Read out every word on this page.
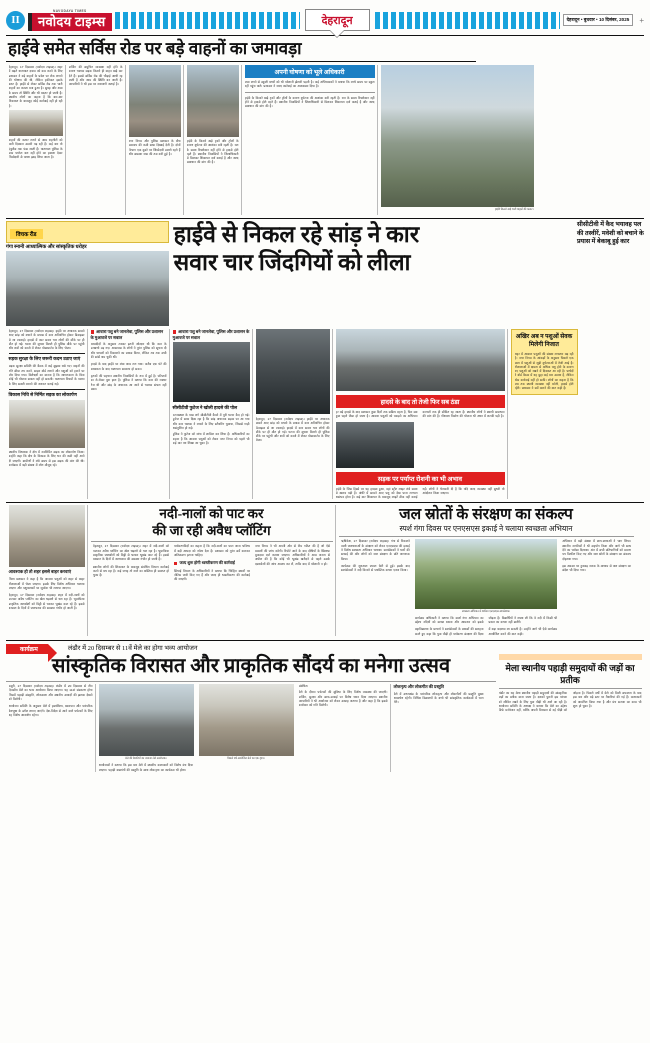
II
NAVODAYA TIMES
नवोदय टाइम्स	देहरादून	देहरादून • बुधवार • 10 दिसंबर, 2025	+
हाईवे समेत सर्विस रोड पर बड़े वाहनों का जमावड़ा
देहरादून, 17 दिसम्बर (नवोदय टाइम्स)। शहर में बढ़ते यातायात दबाव को कम करने के लिए प्रशासन ने बड़े वाहनों के प्रवेश पर रोक लगाने की घोषणा की थी, लेकिन हकीकत इसके उलट है। हाईवे से लेकर सर्विस रोड तक भारी वाहनों का कब्जा बना हुआ है। सुबह और शाम के समय तो स्थिति और भी बदतर हो जाती है। स्थानीय लोगों का कहना है कि बार-बार शिकायत के बावजूद कोई कार्रवाई नहीं हो रही है।
वाहनों की कतार लगने से आम राहगीरों को भारी दिक्कत उठानी पड़ रही है। कई बार तो एंबुलेंस तक फंस जाती है। यातायात पुलिस के पास पर्याप्त बल नहीं होने का हवाला देकर जिम्मेदारी से पल्ला झाड़ लिया जाता है।
पार्किंग की समुचित व्यवस्था नहीं होने के कारण चालक सड़क किनारे ही वाहन खड़े कर देते हैं। इससे सर्विस रोड की चौड़ाई आधी रह जाती है और जाम की स्थिति बन जाती है। व्यापारियों ने भी इस पर नाराजगी जताई है।
नगर निगम और पुलिस प्रशासन के बीच समन्वय की कमी साफ दिखाई देती है। दोनों विभाग एक दूसरे पर जिम्मेदारी डालते रहते हैं और समस्या जस की तस बनी हुई है।
हाईवे के किनारे खड़े ट्रकों और ट्रॉलों के कारण दुर्घटना की आशंका बनी रहती है। रात के समय रिफ्लेक्टर नहीं होने से हादसे होते रहते हैं। स्थानीय निवासियों ने जिलाधिकारी से मिलकर शिकायत दर्ज कराई है और जल्द समाधान की मांग की है।
अपनी घोषणा को भूले अधिकारी
जाम लगने से स्कूली बच्चों को भी परेशानी झेलनी पड़ती है। कई अभिभावकों ने बताया कि बच्चे समय पर स्कूल नहीं पहुंच पाते। प्रशासन ने जल्द कार्रवाई का आश्वासन दिया है।
हाईवे के किनारे खड़े ट्रकों और ट्रॉलों के कारण दुर्घटना की आशंका बनी रहती है। रात के समय रिफ्लेक्टर नहीं होने से हादसे होते रहते हैं। स्थानीय निवासियों ने जिलाधिकारी से मिलकर शिकायत दर्ज कराई है और जल्द समाधान की मांग की है।
हाईवे किनारे खड़े भारी वाहनों की कतार।
विचक रीड
गंगा स्नानी आध्यात्मिक और सांस्कृतिक धरोहर
हाईवे से निकल रहे सांड़ ने कार
सवार चार जिंदगियों को लीला
सीसीटीवी में कैद भयावह पल की तस्वीरें, मवेशी को बचाने के प्रयास में बेकाबू हुई कार
देहरादून, 17 दिसम्बर (नवोदय टाइम्स)। हाईवे पर अचानक सामने आए सांड़ को बचाने के प्रयास में कार अनियंत्रित होकर डिवाइडर से जा टकराई। हादसे में कार सवार चार लोगों की मौके पर ही मौत हो गई। घटना की सूचना मिलते ही पुलिस मौके पर पहुंची और शवों को कब्जे में लेकर पोस्टमार्टम के लिए भेजा।
सड़क सुरक्षा के लिए जरूरी कदम उठाए जाएं
सड़क सुरक्षा समिति की बैठक में कई सुझाव रखे गए। वाहनों की गति सीमा तय करने, साइन बोर्ड लगाने और पशुओं को हटाने पर जोर दिया गया। विशेषज्ञों का मानना है कि जागरूकता के बिना कोई भी योजना सफल नहीं हो सकती। यातायात नियमों के पालन के लिए सख्ती बरतने की जरूरत बताई गई।
विकास निधि से निर्मित सड़क का लोकार्पण
स्थानीय विधायक ने क्षेत्र में नवनिर्मित सड़क का लोकार्पण किया। उन्होंने कहा कि क्षेत्र के विकास के लिए धन की कमी नहीं आने दी जाएगी। ग्रामीणों ने लंबे समय से इस सड़क की मांग की थी। कार्यक्रम में बड़ी संख्या में लोग मौजूद रहे।
आवारा पशु बने जानलेवा, पुलिस और प्रशासन के मुआवजे पर सवाल
चश्मदीदों के अनुसार टक्कर इतनी जोरदार थी कि कार के परखच्चे उड़ गए। आसपास के लोगों ने तुरंत पुलिस को सूचना दी और घायलों को निकालने का प्रयास किया, लेकिन तब तक सभी की सांसें थम चुकी थीं।
हादसे के बाद हाईवे पर लंबा जाम लग गया। करीब एक घंटे की मशक्कत के बाद यातायात सामान्य हो सका।
मृतकों की पहचान स्थानीय निवासियों के रूप में हुई है। परिजनों का रो-रोकर बुरा हाल है। पुलिस ने बताया कि कार की रफ्तार तेज थी और सांड़ के अचानक आ जाने से चालक संभल नहीं सका।
आवारा पशु बने जानलेवा, पुलिस और प्रशासन के मुआवजे पर सवाल
सीसीटीवी फुटेज ने खोली हादसे की पोल
घटनास्थल के पास लगे सीसीटीवी कैमरे में पूरी घटना कैद हो गई। फुटेज में साफ दिख रहा है कि सांड़ अचानक सड़क पर आ गया और कार चालक ने बचाने के लिए स्टीयरिंग घुमाया, जिससे गाड़ी असंतुलित हो गई।
पुलिस ने फुटेज को जांच में शामिल कर लिया है। अधिकारियों का कहना है कि आवारा पशुओं को लेकर नगर निगम को पहले भी कई बार पत्र लिखा जा चुका है।
देहरादून, 17 दिसम्बर (नवोदय टाइम्स)। हाईवे पर अचानक सामने आए सांड़ को बचाने के प्रयास में कार अनियंत्रित होकर डिवाइडर से जा टकराई। हादसे में कार सवार चार लोगों की मौके पर ही मौत हो गई। घटना की सूचना मिलते ही पुलिस मौके पर पहुंची और शवों को कब्जे में लेकर पोस्टमार्टम के लिए भेजा।
हादसे के बाद तो तेजी फिर सब ठंडा
हर बड़े हादसे के बाद प्रशासन कुछ दिनों तक सक्रिय रहता है, फिर सब कुछ पहले जैसा हो जाता है। आवारा पशुओं को पकड़ने का अभियान कागजों तक ही सीमित रह जाता है। स्थानीय लोगों ने स्थायी समाधान की मांग की है। गौशाला निर्माण की योजना भी अधर में लटकी पड़ी है।
सड़क पर पर्याप्त रोशनी का भी अभाव
हाईवे के जिस हिस्से पर यह हादसा हुआ, वहां स्ट्रीट लाइट लंबे समय से खराब पड़ी है। अंधेरे में सामने आए पशु को देख पाना लगभग असंभव होता है। कई बार शिकायत के बावजूद लाइटें ठीक नहीं कराई गईं। लोगों ने चेतावनी दी है कि यदि जल्द व्यवस्था नहीं सुधरी तो आंदोलन किया जाएगा।
अखिर अब न पशुओं सेवक मिलेगी निजात
शहर में आवारा पशुओं की संख्या लगातार बढ़ रही है। नगर निगम के आंकड़ों के अनुसार पिछले एक साल में पशुओं से जुड़ी दुर्घटनाओं में तेजी आई है। गौशालाओं में क्षमता से अधिक पशु होने के कारण नए पशुओं को रखने में दिक्कत आ रही है। पार्षदों ने बोर्ड बैठक में यह मुद्दा कई बार उठाया है, लेकिन ठोस कार्रवाई नहीं हो सकी। लोगों का कहना है कि जब तक स्थायी व्यवस्था नहीं बनेगी, हादसे होते रहेंगे। प्रशासन ने सर्वे कराने की बात कही है।
आवश्यक हो तो शहर इससे बाहर करवाएं
जिला प्रशासन ने कहा है कि आवारा पशुओं को शहर से बाहर गौशालाओं में भेजा जाएगा। इसके लिए विशेष अभियान चलाया जाएगा और पशुपालकों पर जुर्माना भी लगाया जाएगा।
देहरादून, 17 दिसम्बर (नवोदय टाइम्स)। शहर में नदी-नालों को पाटकर अवैध प्लॉटिंग का खेल धड़ल्ले से चल रहा है। भूमाफिया प्राकृतिक जलस्रोतों को मिट्टी से भरकर भूखंड काट रहे हैं। इससे बरसात के दिनों में जलभराव की समस्या गंभीर हो जाती है।
नदी-नालों को पाट कर
की जा रही अवैध प्लॉटिंग
देहरादून, 17 दिसम्बर (नवोदय टाइम्स)। शहर में नदी-नालों को पाटकर अवैध प्लॉटिंग का खेल धड़ल्ले से चल रहा है। भूमाफिया प्राकृतिक जलस्रोतों को मिट्टी से भरकर भूखंड काट रहे हैं। इससे बरसात के दिनों में जलभराव की समस्या गंभीर हो जाती है।
स्थानीय लोगों की शिकायत के बावजूद संबंधित विभाग कार्रवाई करने से बच रहा है। कई जगह तो नाले का अस्तित्व ही समाप्त हो चुका है।
पर्यावरणविदों का कहना है कि नदी-नालों का पाटा जाना भविष्य में बड़ी आपदा को न्योता देना है। प्रशासन को तुरंत सर्वे कराकर अतिक्रमण हटाना चाहिए।
जल्द शुरू होगी ध्वस्तीकरण की कार्रवाई
सिंचाई विभाग के अधिकारियों ने बताया कि चिन्हित स्थानों पर नोटिस जारी किए गए हैं और जल्द ही ध्वस्तीकरण की कार्रवाई की जाएगी।
नगर निगम ने भी अपनी ओर से टीम गठित की है जो ऐसे मामलों की जांच करेगी। रिपोर्ट आने के बाद दोषियों के खिलाफ मुकदमा दर्ज कराया जाएगा। अधिकारियों ने आम जनता से अपील की है कि कोई भी भूखंड खरीदने से पहले उसके दस्तावेजों की जांच अवश्य कर लें, ताकि बाद में परेशानी न हो।
जल स्रोतों के संरक्षण का संकल्प
स्पर्श गंगा दिवस पर एनएसएस इकाई ने चलाया स्वच्छता अभियान
ऋषिकेश, 17 दिसम्बर (नवोदय टाइम्स)। गंगा से निकलने वाली जलधाराओं के संरक्षण को लेकर एनएसएस की इकाई ने विशेष स्वच्छता अभियान चलाया। स्वयंसेवकों ने घाटों की सफाई की और लोगों को जल संरक्षण के प्रति जागरूक किया।
कार्यक्रम की शुरुआत प्रभात फेरी से हुई। इसके बाद स्वयंसेवकों ने नदी किनारे से प्लास्टिक कचरा एकत्र किया।
स्वच्छता अभियान में शामिल एनएसएस स्वयंसेवक।
कार्यक्रम अधिकारी ने बताया कि स्पर्श गंगा अभियान का उद्देश्य नदियों को स्वच्छ रखना और आमजन को इससे जोड़ना है। विद्यार्थियों ने शपथ ली कि वे नदी में किसी भी प्रकार का कचरा नहीं डालेंगे।
महाविद्यालय के प्राचार्य ने स्वयंसेवकों के प्रयासों की सराहना करते हुए कहा कि युवा पीढ़ी ही पर्यावरण संरक्षण की दिशा में बड़ा बदलाव ला सकती है। उन्होंने आगे भी ऐसे कार्यक्रम आयोजित करने की बात कही।
अभियान में बड़ी संख्या में छात्र-छात्राओं ने भाग लिया। स्थानीय नागरिकों ने भी सहयोग किया और आगे भी साथ देने का भरोसा दिलाया। अंत में सभी प्रतिभागियों को प्रमाण पत्र वितरित किए गए और जल स्रोतों के संरक्षण का संकल्प दोहराया गया।
इस अवसर पर नुक्कड़ नाटक के माध्यम से जल संरक्षण का संदेश भी दिया गया।
कार्यक्रम	लंढौर में 20 दिसम्बर से 11वें मेले का होगा भव्य आयोजन
सांस्कृतिक विरासत और प्राकृतिक सौंदर्य का मनेगा उत्सव
मसूरी, 17 दिसम्बर (नवोदय टाइम्स)। लंढौर में 20 दिसम्बर से तीन दिवसीय मेले का भव्य आयोजन किया जाएगा। यह 11वां संस्करण होगा जिसमें पहाड़ी संस्कृति, लोककला और स्थानीय उत्पादों की झलक देखने को मिलेगी।
आयोजन समिति के अनुसार मेले में हस्तशिल्प, खानपान और पारंपरिक वेशभूषा के स्टॉल लगाए जाएंगे। देश-विदेश से आने वाले पर्यटकों के लिए यह विशेष आकर्षण रहेगा।
मेले की तैयारियों का जायजा लेते आयोजक।	पिछले वर्ष आयोजित मेले का एक दृश्य।
आयोजकों ने बताया कि इस बार मेले में स्थानीय कलाकारों को विशेष मंच दिया जाएगा। पहाड़ी वाद्ययंत्रों की प्रस्तुति के साथ लोकनृत्य का कार्यक्रम भी होगा।
संबंधित।
मेले के दौरान पर्यटकों की सुविधा के लिए विशेष व्यवस्था की जाएगी। पार्किंग, सुरक्षा और साफ-सफाई पर विशेष ध्यान दिया जाएगा। स्थानीय व्यापारियों ने भी आयोजन को लेकर उत्साह जताया है और कहा है कि इससे कारोबार को गति मिलेगी।
लोकनृत्य और लोकगीत की प्रस्तुति
मेले में उत्तराखंड के पारंपरिक लोकनृत्य और लोकगीतों की प्रस्तुति मुख्य आकर्षण रहेगी। विभिन्न विद्यालयों के बच्चे भी सांस्कृतिक कार्यक्रमों में भाग लेंगे।
मेला स्थानीय पहाड़ी समुदायों की जड़ों का प्रतीक
लंढौर का यह मेला स्थानीय पहाड़ी समुदायों की सांस्कृतिक जड़ों का प्रतीक माना जाता है। दशकों पुरानी इस परंपरा को जीवित रखने के लिए युवा पीढ़ी भी आगे आ रही है। आयोजन समिति के अध्यक्ष ने बताया कि मेले का उद्देश्य सिर्फ मनोरंजन नहीं, बल्कि अपनी विरासत से नई पीढ़ी को जोड़ना है। पिछले वर्षों में मेले को मिली सफलता के बाद इस बार और बड़े स्तर पर तैयारियां की गई हैं। कलाकारों को आमंत्रित किया गया है और मंच सज्जा का काम भी शुरू हो चुका है।
